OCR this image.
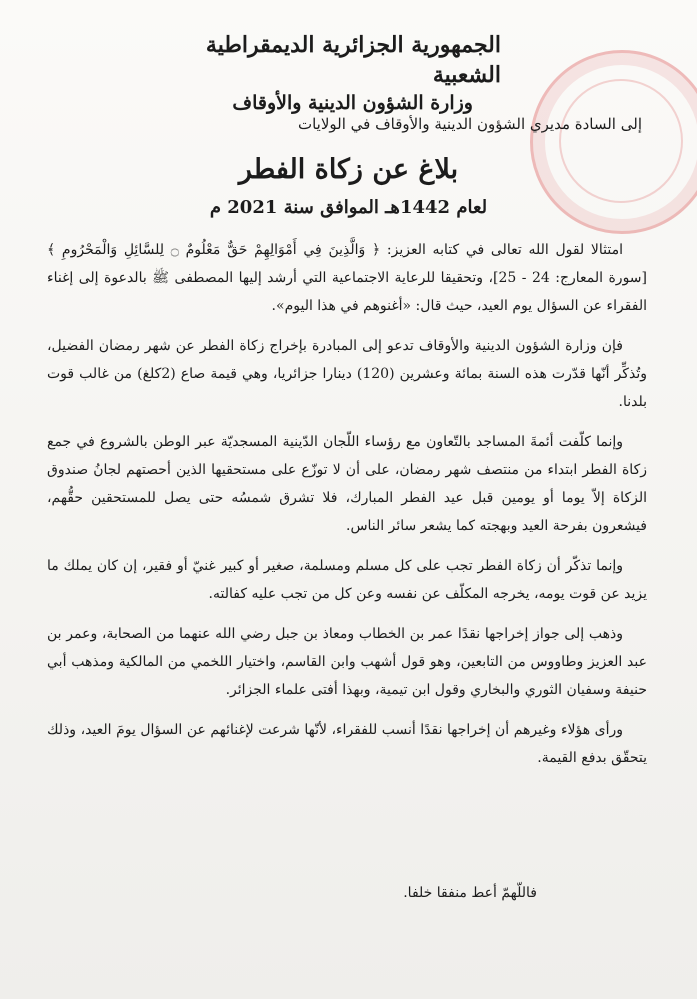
الجمهورية الجزائرية الديمقراطية الشعبية
وزارة الشؤون الدينية والأوقاف
إلى السادة مديري الشؤون الدينية والأوقاف في الولايات
بلاغ عن زكاة الفطر
لعام 1442هـ الموافق سنة 2021 م

امتثالا لقول الله تعالى في كتابه العزيز: ﴿ وَالَّذِينَ فِي أَمْوَالِهِمْ حَقٌّ مَعْلُومٌ ۝ لِلسَّائِلِ وَالْمَحْرُومِ ﴾ [سورة المعارج: 24 - 25]، وتحقيقا للرعاية الاجتماعية التي أرشد إليها المصطفى ﷺ بالدعوة إلى إغناء الفقراء عن السؤال يوم العيد، حيث قال: «أغنوهم في هذا اليوم».

فإن وزارة الشؤون الدينية والأوقاف تدعو إلى المبادرة بإخراج زكاة الفطر عن شهر رمضان الفضيل، وتُذكِّر أنّها قدّرت هذه السنة بمائة وعشرين (120) دينارا جزائريا، وهي قيمة صاع (2كلغ) من غالب قوت بلدنا.

وإنما كلّفت أئمةَ المساجد بالتّعاون مع رؤساء اللّجان الدّينية المسجديّة عبر الوطن بالشروع في جمع زكاة الفطر ابتداء من منتصف شهر رمضان، على أن لا توزّع على مستحقيها الذين أحصتهم لجانُ صندوق الزكاة إلاّ يوما أو يومين قبل عيد الفطر المبارك، فلا تشرق شمسُه حتى يصل للمستحقين حقُّهم، فيشعرون بفرحة العيد وبهجته كما يشعر سائر الناس.

وإنما تذكّر أن زكاة الفطر تجب على كل مسلم ومسلمة، صغير أو كبير غنيّ أو فقير، إن كان يملك ما يزيد عن قوت يومه، يخرجه المكلّف عن نفسه وعن كل من تجب عليه كفالته.

وذهب إلى جواز إخراجها نقدًا عمر بن الخطاب ومعاذ بن جبل رضي الله عنهما من الصحابة، وعمر بن عبد العزيز وطاووس من التابعين، وهو قول أشهب وابن القاسم، واختيار اللخمي من المالكية ومذهب أبي حنيفة وسفيان الثوري والبخاري وقول ابن تيمية، وبهذا أفتى علماء الجزائر.

ورأى هؤلاء وغيرهم أن إخراجها نقدًا أنسب للفقراء، لأنّها شرعت لإغنائهم عن السؤال يومَ العيد، وذلك يتحقّق بدفع القيمة.

فاللّهمّ أعط منفقا خلفا.
